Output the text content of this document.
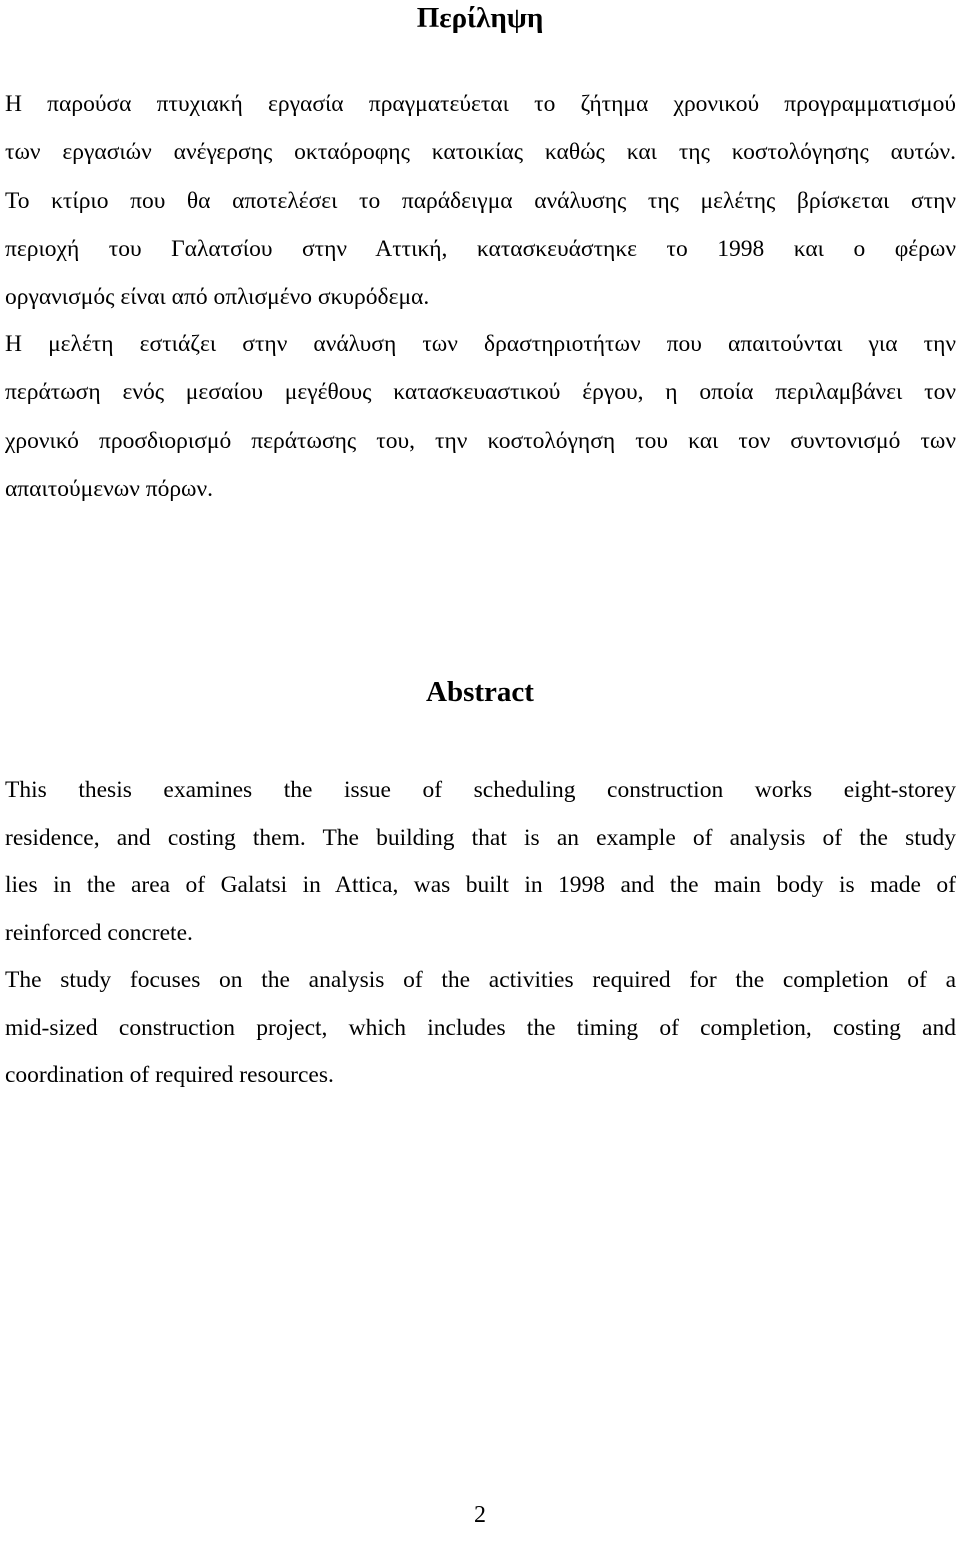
Περίληψη

Η παρούσα πτυχιακή εργασία πραγματεύεται το ζήτημα χρονικού προγραμματισμού
των εργασιών ανέγερσης οκταόροφης κατοικίας καθώς και της κοστολόγησης αυτών.
Το κτίριο που θα αποτελέσει το παράδειγμα ανάλυσης της μελέτης βρίσκεται στην
περιοχή του Γαλατσίου στην Αττική, κατασκευάστηκε το 1998 και ο φέρων
οργανισμός είναι από οπλισμένο σκυρόδεμα.

Η μελέτη εστιάζει στην ανάλυση των δραστηριοτήτων που απαιτούνται για την
περάτωση ενός μεσαίου μεγέθους κατασκευαστικού έργου, η οποία περιλαμβάνει τον
χρονικό προσδιορισμό περάτωσης του, την κοστολόγηση του και τον συντονισμό των
απαιτούμενων πόρων.

Abstract

This thesis examines the issue of scheduling construction works eight-storey
residence, and costing them. The building that is an example of analysis of the study
lies in the area of Galatsi in Attica, was built in 1998 and the main body is made of
reinforced concrete.

The study focuses on the analysis of the activities required for the completion of a
mid-sized construction project, which includes the timing of completion, costing and
coordination of required resources.

2
